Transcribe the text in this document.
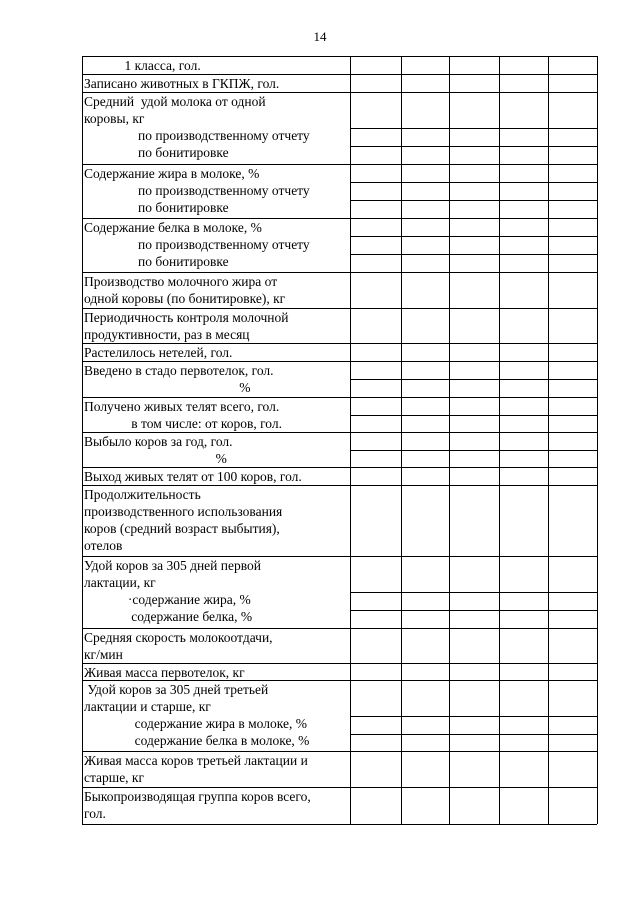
14
1 класса, гол.
Записано животных в ГКПЖ, гол.
Средний  удой молока от одной
коровы, кг
по производственному отчету
по бонитировке
Содержание жира в молоке, %
по производственному отчету
по бонитировке
Содержание белка в молоке, %
по производственному отчету
по бонитировке
Производство молочного жира от
одной коровы (по бонитировке), кг
Периодичность контроля молочной
продуктивности, раз в месяц
Растелилось нетелей, гол.
Введено в стадо первотелок, гол.
%
Получено живых телят всего, гол.
в том числе: от коров, гол.
Выбыло коров за год, гол.
%
Выход живых телят от 100 коров, гол.
Продолжительность
производственного использования
коров (средний возраст выбытия),
отелов
Удой коров за 305 дней первой
лактации, кг
·содержание жира, %
содержание белка, %
Средняя скорость молокоотдачи,
кг/мин
Живая масса первотелок, кг
Удой коров за 305 дней третьей
лактации и старше, кг
содержание жира в молоке, %
содержание белка в молоке, %
Живая масса коров третьей лактации и
старше, кг
Быкопроизводящая группа коров всего,
гол.
